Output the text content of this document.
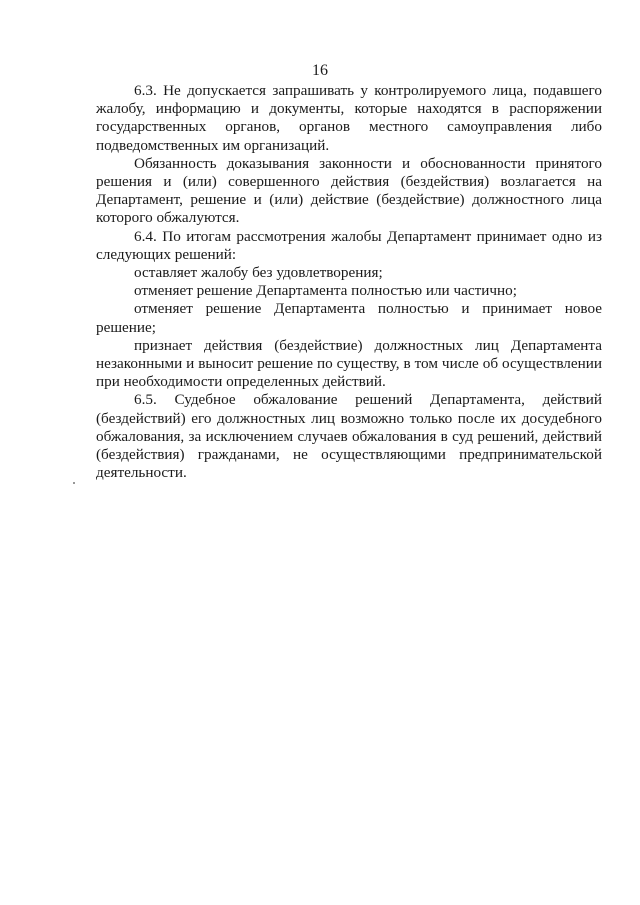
16

6.3. Не допускается запрашивать у контролируемого лица, подавшего жалобу, информацию и документы, которые находятся в распоряжении государственных органов, органов местного самоуправления либо подведомственных им организаций.

Обязанность доказывания законности и обоснованности принятого решения и (или) совершенного действия (бездействия) возлагается на Департамент, решение и (или) действие (бездействие) должностного лица которого обжалуются.

6.4. По итогам рассмотрения жалобы Департамент принимает одно из следующих решений:

оставляет жалобу без удовлетворения;

отменяет решение Департамента полностью или частично;

отменяет решение Департамента полностью и принимает новое решение;

признает действия (бездействие) должностных лиц Департамента незаконными и выносит решение по существу, в том числе об осуществлении при необходимости определенных действий.

6.5. Судебное обжалование решений Департамента, действий (бездействий) его должностных лиц возможно только после их досудебного обжалования, за исключением случаев обжалования в суд решений, действий (бездействия) гражданами, не осуществляющими предпринимательской деятельности.
